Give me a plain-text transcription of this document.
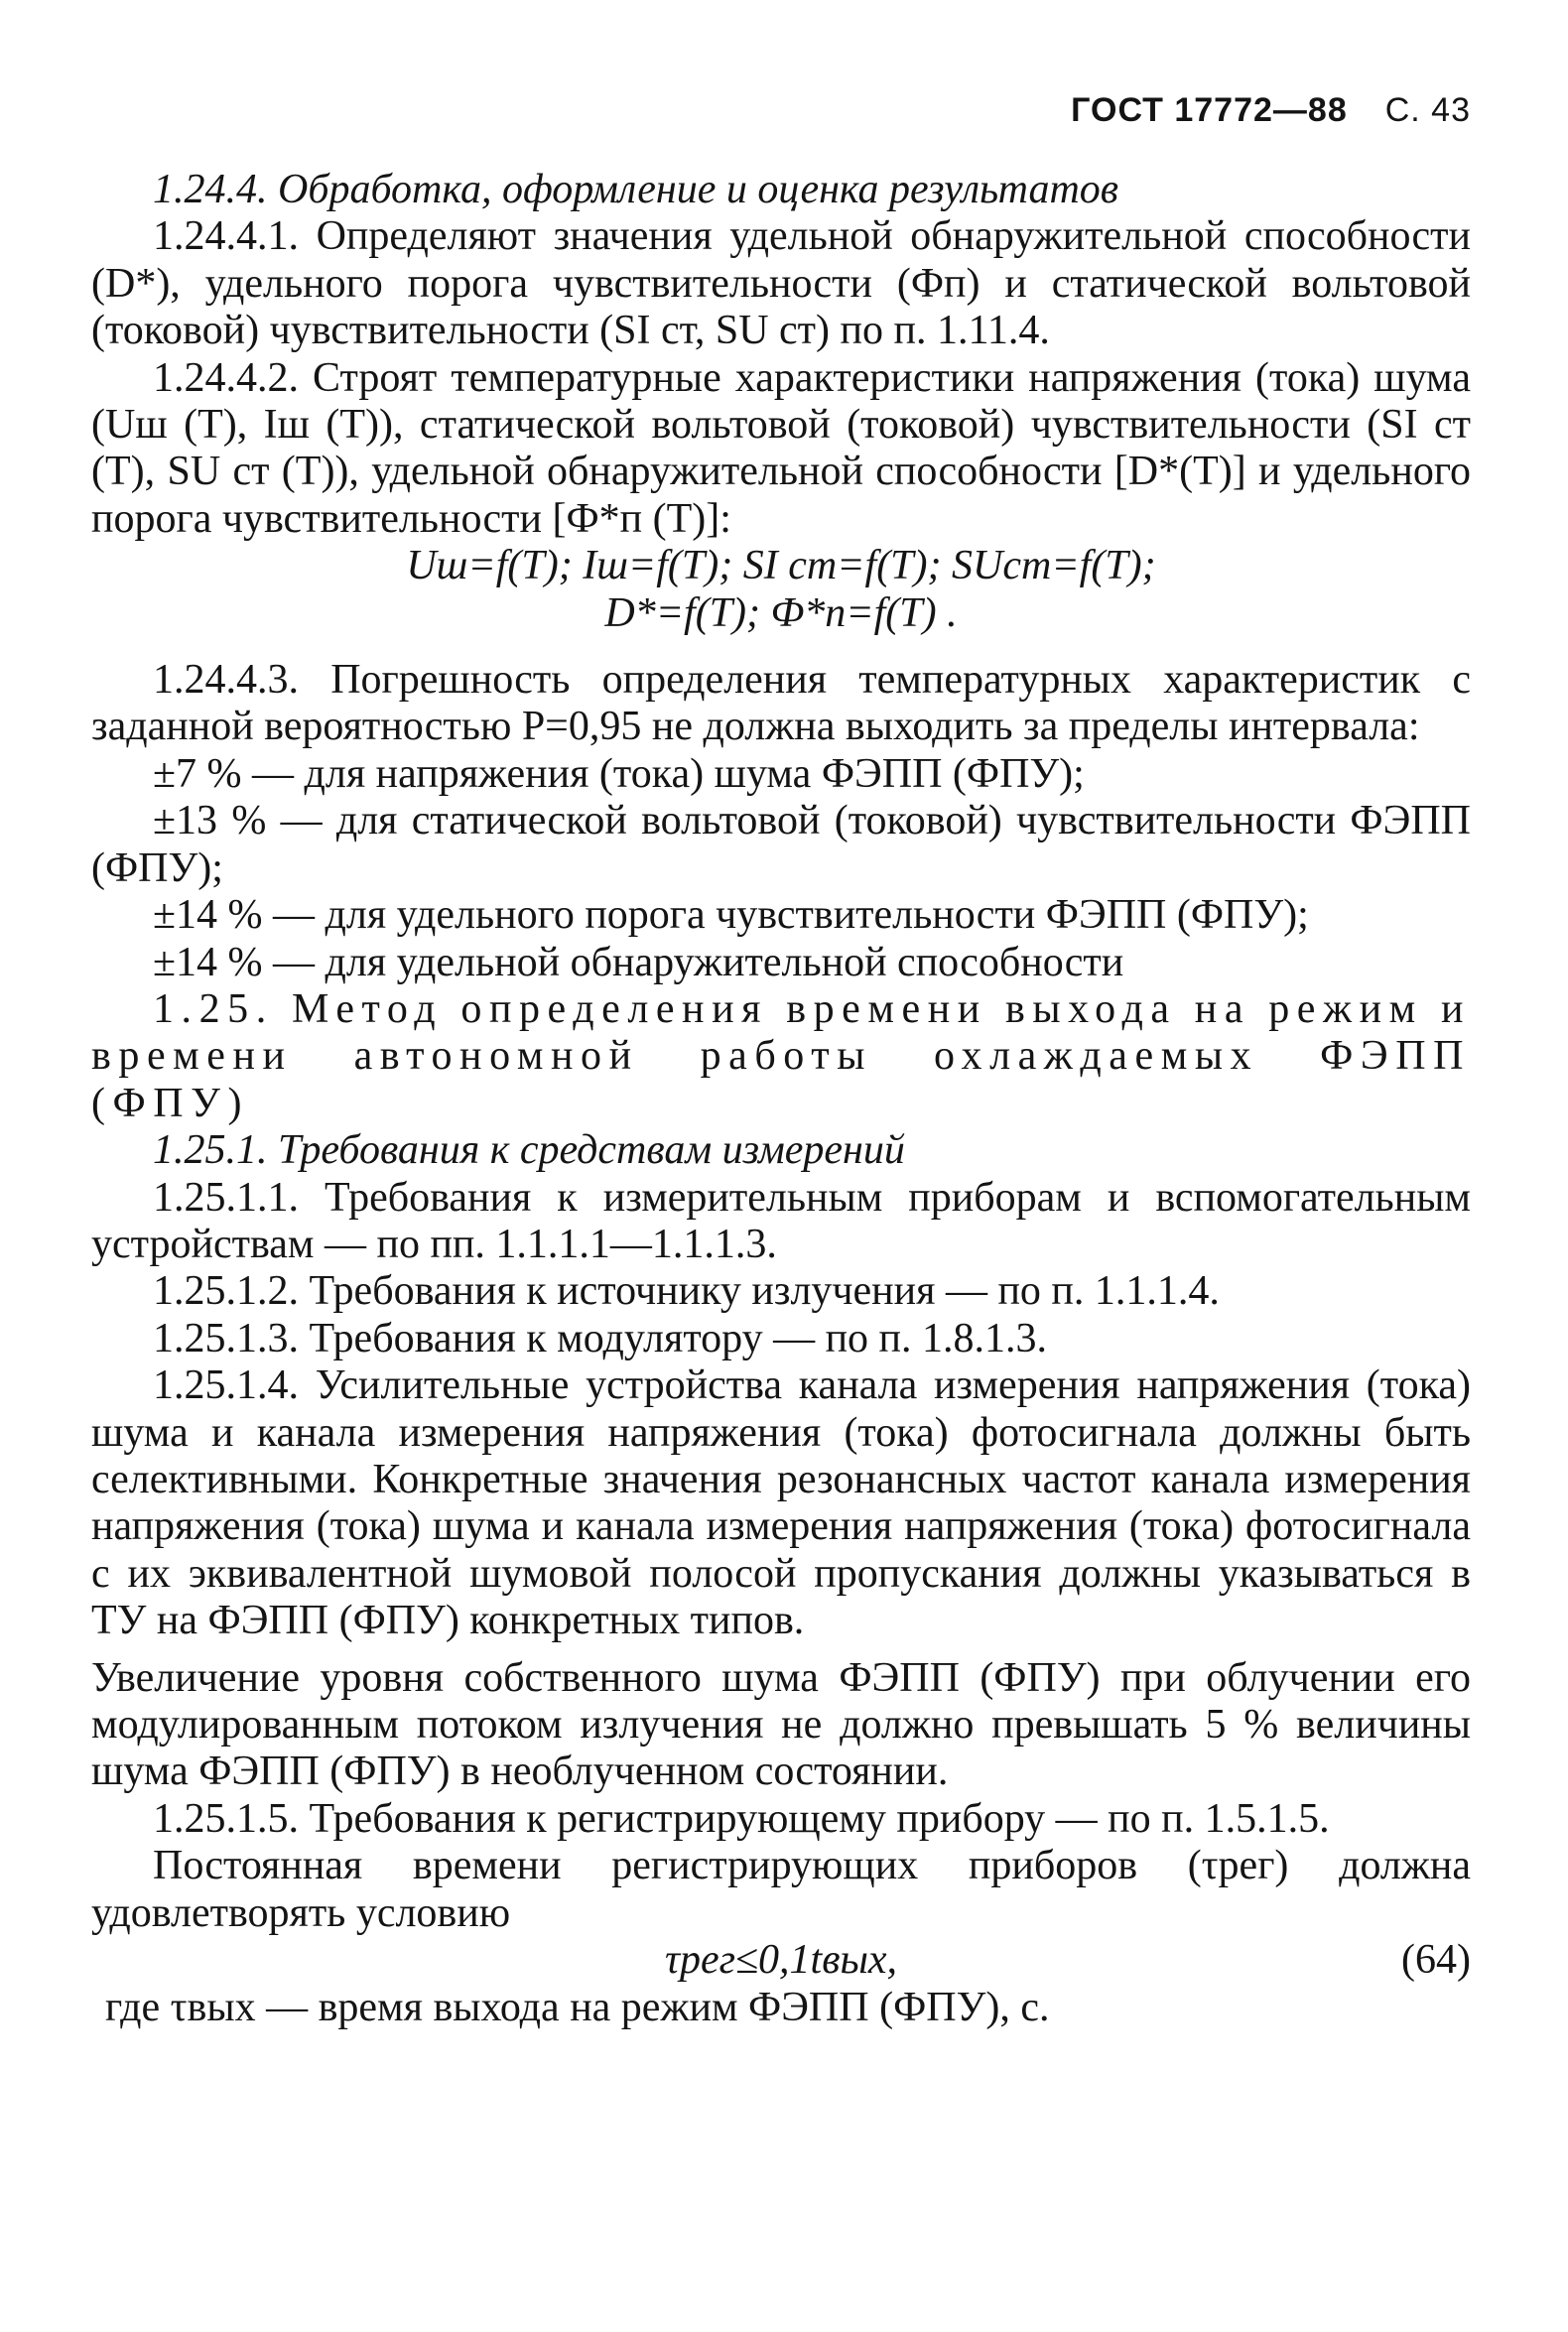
ГОСТ 17772—88 С. 43

1.24.4. Обработка, оформление и оценка результатов

1.24.4.1. Определяют значения удельной обнаружительной способности (D*), удельного порога чувствительности (Фп) и статической вольтовой (токовой) чувствительности (SI ст, SU ст) по п. 1.11.4.

1.24.4.2. Строят температурные характеристики напряжения (тока) шума (Uш (T), Iш (T)), статической вольтовой (токовой) чувствительности (SI ст (T), SU ст (T)), удельной обнаружительной способности [D*(T)] и удельного порога чувствительности [Ф*п (T)]:

Uш=f(T); Iш=f(T); SI ст=f(T); SUст=f(T);

D*=f(T); Ф*п=f(T) .

1.24.4.3. Погрешность определения температурных характеристик с заданной вероятностью P=0,95 не должна выходить за пределы интервала:

±7 % — для напряжения (тока) шума ФЭПП (ФПУ);

±13 % — для статической вольтовой (токовой) чувствительности ФЭПП (ФПУ);

±14 % — для удельного порога чувствительности ФЭПП (ФПУ);

±14 % — для удельной обнаружительной способности

1.25. Метод определения времени выхода на режим и времени автономной работы охлаждаемых ФЭПП (ФПУ)

1.25.1. Требования к средствам измерений

1.25.1.1. Требования к измерительным приборам и вспомогательным устройствам — по пп. 1.1.1.1—1.1.1.3.

1.25.1.2. Требования к источнику излучения — по п. 1.1.1.4.

1.25.1.3. Требования к модулятору — по п. 1.8.1.3.

1.25.1.4. Усилительные устройства канала измерения напряжения (тока) шума и канала измерения напряжения (тока) фотосигнала должны быть селективными. Конкретные значения резонансных частот канала измерения напряжения (тока) шума и канала измерения напряжения (тока) фотосигнала с их эквивалентной шумовой полосой пропускания должны указываться в ТУ на ФЭПП (ФПУ) конкретных типов.

Увеличение уровня собственного шума ФЭПП (ФПУ) при облучении его модулированным потоком излучения не должно превышать 5 % величины шума ФЭПП (ФПУ) в необлученном состоянии.

1.25.1.5. Требования к регистрирующему прибору — по п. 1.5.1.5.

Постоянная времени регистрирующих приборов (τрег) должна удовлетворять условию

τрег≤0,1tвых,	(64)

где τвых — время выхода на режим ФЭПП (ФПУ), с.
